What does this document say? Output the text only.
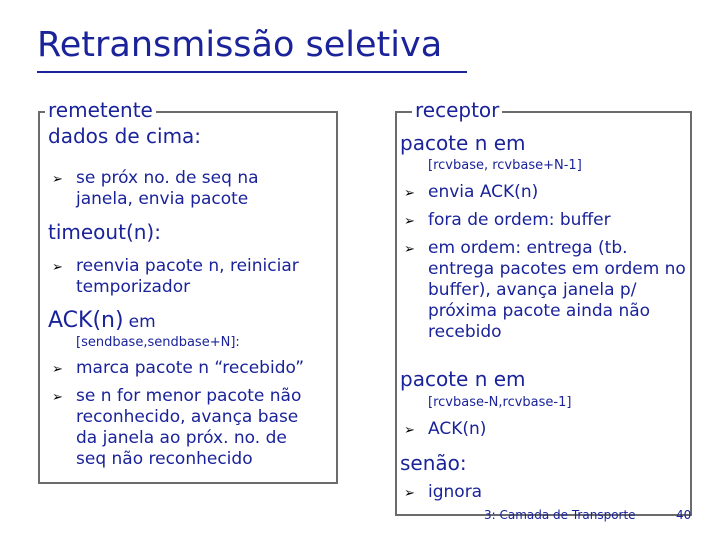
Retransmissão seletiva
remetente
dados de cima:
➢ se próx no. de seq na janela, envia pacote
timeout(n):
➢ reenvia pacote n, reiniciar temporizador
ACK(n) em
[sendbase,sendbase+N]:
➢ marca pacote n “recebido”
➢ se n for menor pacote não reconhecido, avança base da janela ao próx. no. de seq não reconhecido
receptor
pacote n em
[rcvbase, rcvbase+N-1]
➢ envia ACK(n)
➢ fora de ordem: buffer
➢ em ordem: entrega (tb. entrega pacotes em ordem no buffer), avança janela p/ próxima pacote ainda não recebido
pacote n em
[rcvbase-N,rcvbase-1]
➢ ACK(n)
senão:
➢ ignora
3: Camada de Transporte	40
